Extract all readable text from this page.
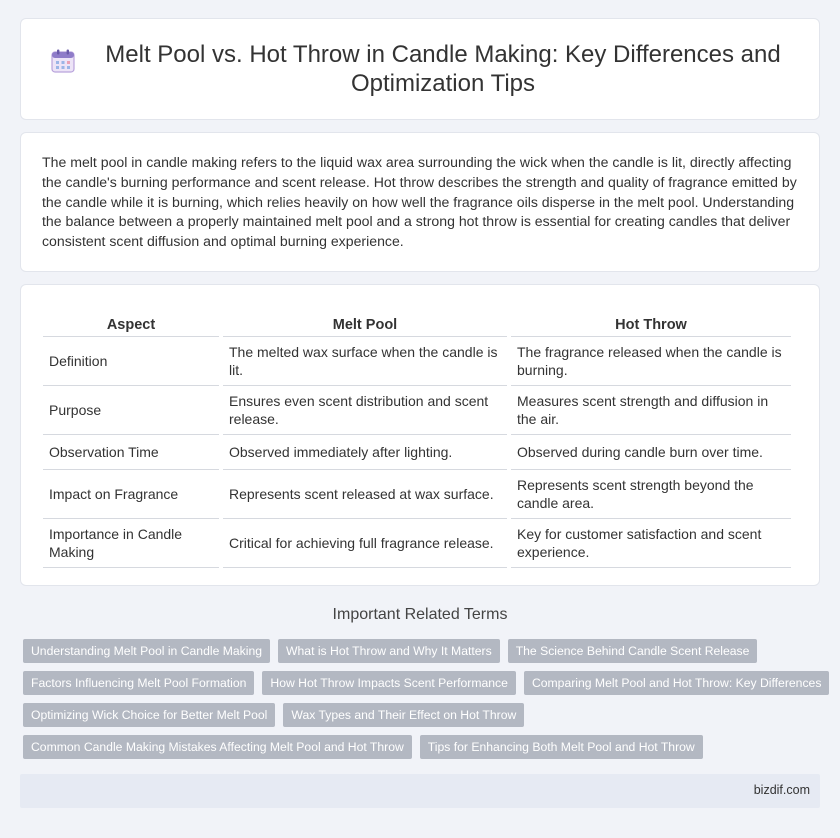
Melt Pool vs. Hot Throw in Candle Making: Key Differences and Optimization Tips

The melt pool in candle making refers to the liquid wax area surrounding the wick when the candle is lit, directly affecting the candle's burning performance and scent release. Hot throw describes the strength and quality of fragrance emitted by the candle while it is burning, which relies heavily on how well the fragrance oils disperse in the melt pool. Understanding the balance between a properly maintained melt pool and a strong hot throw is essential for creating candles that deliver consistent scent diffusion and optimal burning experience.

Aspect	Melt Pool	Hot Throw
Definition	The melted wax surface when the candle is lit.	The fragrance released when the candle is burning.
Purpose	Ensures even scent distribution and scent release.	Measures scent strength and diffusion in the air.
Observation Time	Observed immediately after lighting.	Observed during candle burn over time.
Impact on Fragrance	Represents scent released at wax surface.	Represents scent strength beyond the candle area.
Importance in Candle Making	Critical for achieving full fragrance release.	Key for customer satisfaction and scent experience.
Important Related Terms
Understanding Melt Pool in Candle Making	What is Hot Throw and Why It Matters	The Science Behind Candle Scent Release
Factors Influencing Melt Pool Formation	How Hot Throw Impacts Scent Performance	Comparing Melt Pool and Hot Throw: Key Differences
Optimizing Wick Choice for Better Melt Pool	Wax Types and Their Effect on Hot Throw
Common Candle Making Mistakes Affecting Melt Pool and Hot Throw	Tips for Enhancing Both Melt Pool and Hot Throw
bizdif.com
